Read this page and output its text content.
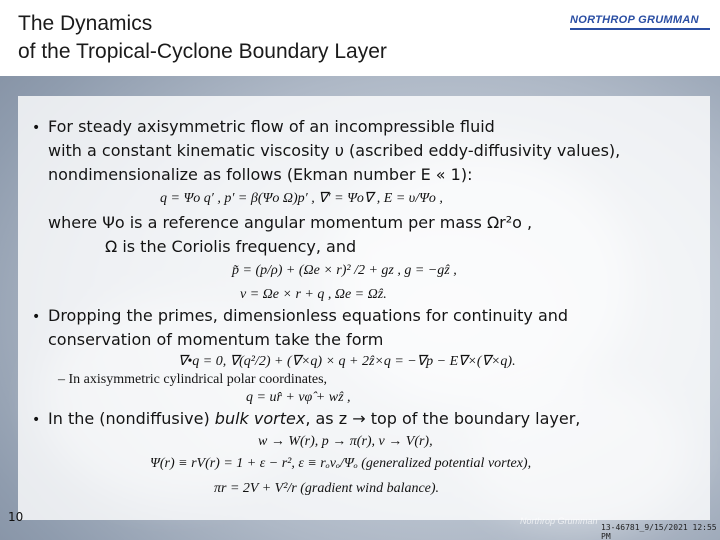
The Dynamics
of the Tropical-Cyclone Boundary Layer
NORTHROP GRUMMAN
• For steady axisymmetric flow of an incompressible fluid
with a constant kinematic viscosity υ (ascribed eddy-diffusivity values),
nondimensionalize as follows (Ekman number E « 1):
q = Ψo q′ , p′ = β(Ψo Ω)p′ , ∇′ = Ψo∇ , E = υ/Ψo ,
where Ψo is a reference angular momentum per mass Ωr²o ,
Ω is the Coriolis frequency, and
p̃ = (p/ρ) + (Ωe × r)² /2 + gz , g = −gẑ ,
v = Ωe × r + q , Ωe = Ωẑ.
• Dropping the primes, dimensionless equations for continuity and
conservation of momentum take the form
∇•q = 0, ∇(q²/2) + (∇×q) × q + 2ẑ×q = −∇p − E∇×(∇×q).
– In axisymmetric cylindrical polar coordinates,
q = ur̂ + vφ̂ + wẑ ,
• In the (nondiffusive) bulk vortex, as z → top of the boundary layer,
w → W(r), p → π(r), v → V(r),
Ψ(r) ≡ rV(r) = 1 + ε − r², ε ≡ rₒvₒ/Ψₒ (generalized potential vortex),
πr = 2V + V²/r (gradient wind balance).
10
13-46781_9/15/2021 12:55 PM
Northrop Grumman
